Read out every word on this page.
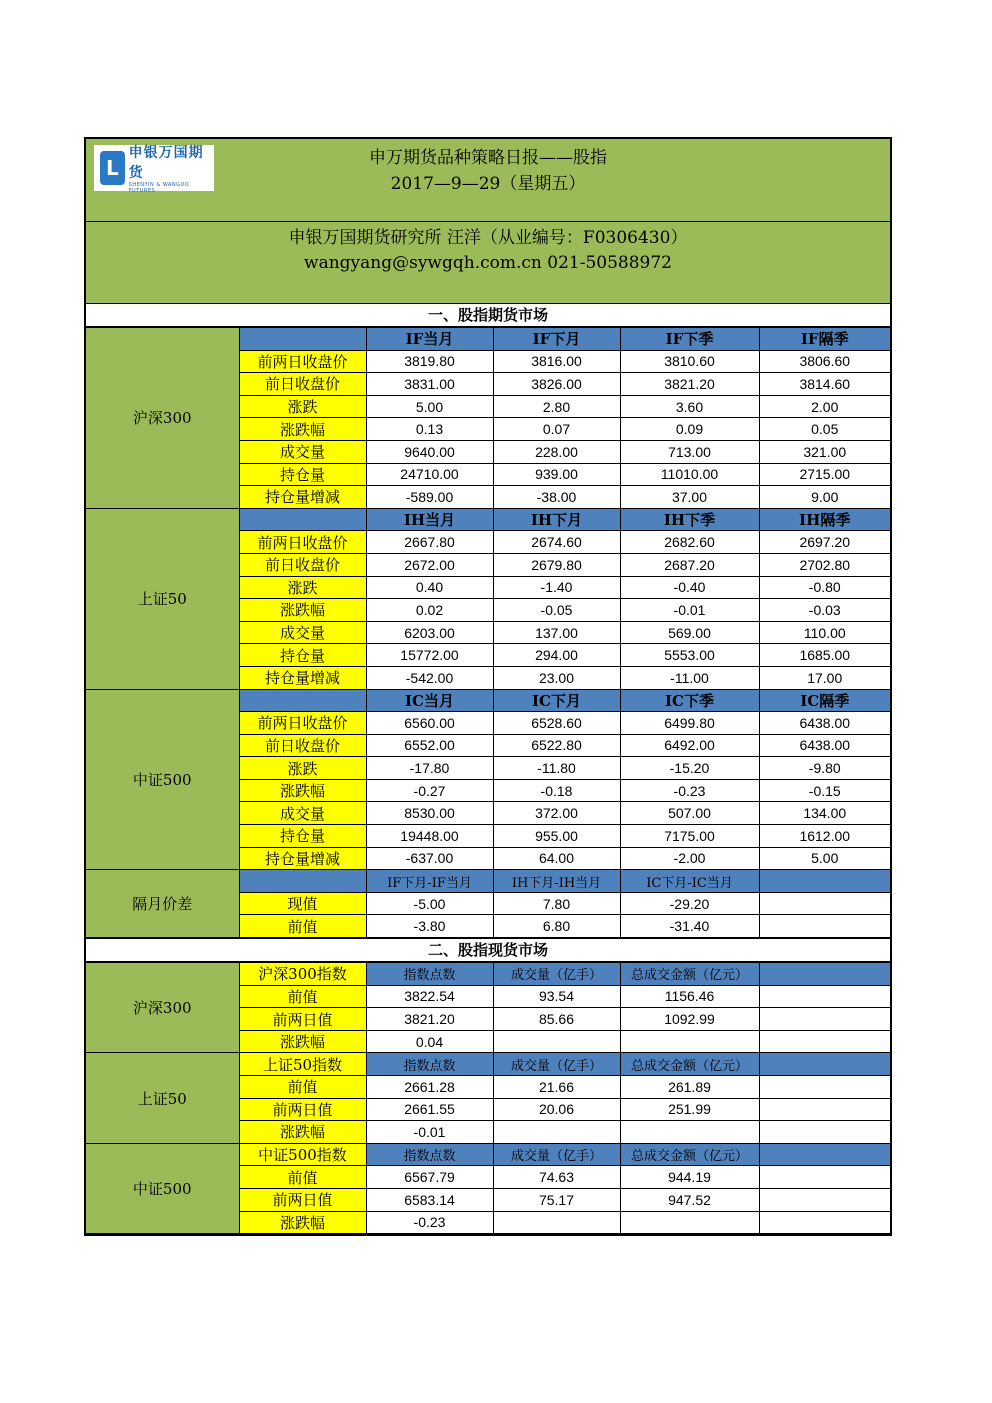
L
申银万国期货
SHENYIN & WANGUO FUTURES
申万期货品种策略日报——股指
2017—9—29（星期五）
申银万国期货研究所 汪洋（从业编号：F0306430）
wangyang@sywgqh.com.cn 021-50588972
一、股指期货市场
沪深300		IF当月	IF下月	IF下季	IF隔季
	前两日收盘价	3819.80	3816.00	3810.60	3806.60
	前日收盘价	3831.00	3826.00	3821.20	3814.60
	涨跌	5.00	2.80	3.60	2.00
	涨跌幅	0.13	0.07	0.09	0.05
	成交量	9640.00	228.00	713.00	321.00
	持仓量	24710.00	939.00	11010.00	2715.00
	持仓量增减	-589.00	-38.00	37.00	9.00
上证50		IH当月	IH下月	IH下季	IH隔季
	前两日收盘价	2667.80	2674.60	2682.60	2697.20
	前日收盘价	2672.00	2679.80	2687.20	2702.80
	涨跌	0.40	-1.40	-0.40	-0.80
	涨跌幅	0.02	-0.05	-0.01	-0.03
	成交量	6203.00	137.00	569.00	110.00
	持仓量	15772.00	294.00	5553.00	1685.00
	持仓量增减	-542.00	23.00	-11.00	17.00
中证500		IC当月	IC下月	IC下季	IC隔季
	前两日收盘价	6560.00	6528.60	6499.80	6438.00
	前日收盘价	6552.00	6522.80	6492.00	6438.00
	涨跌	-17.80	-11.80	-15.20	-9.80
	涨跌幅	-0.27	-0.18	-0.23	-0.15
	成交量	8530.00	372.00	507.00	134.00
	持仓量	19448.00	955.00	7175.00	1612.00
	持仓量增减	-637.00	64.00	-2.00	5.00
隔月价差		IF下月-IF当月	IH下月-IH当月	IC下月-IC当月	
	现值	-5.00	7.80	-29.20	
	前值	-3.80	6.80	-31.40	
二、股指现货市场
沪深300	沪深300指数	指数点数	成交量（亿手）	总成交金额（亿元）	
	前值	3822.54	93.54	1156.46	
	前两日值	3821.20	85.66	1092.99	
	涨跌幅	0.04			
上证50	上证50指数	指数点数	成交量（亿手）	总成交金额（亿元）	
	前值	2661.28	21.66	261.89	
	前两日值	2661.55	20.06	251.99	
	涨跌幅	-0.01			
中证500	中证500指数	指数点数	成交量（亿手）	总成交金额（亿元）	
	前值	6567.79	74.63	944.19	
	前两日值	6583.14	75.17	947.52	
	涨跌幅	-0.23			
